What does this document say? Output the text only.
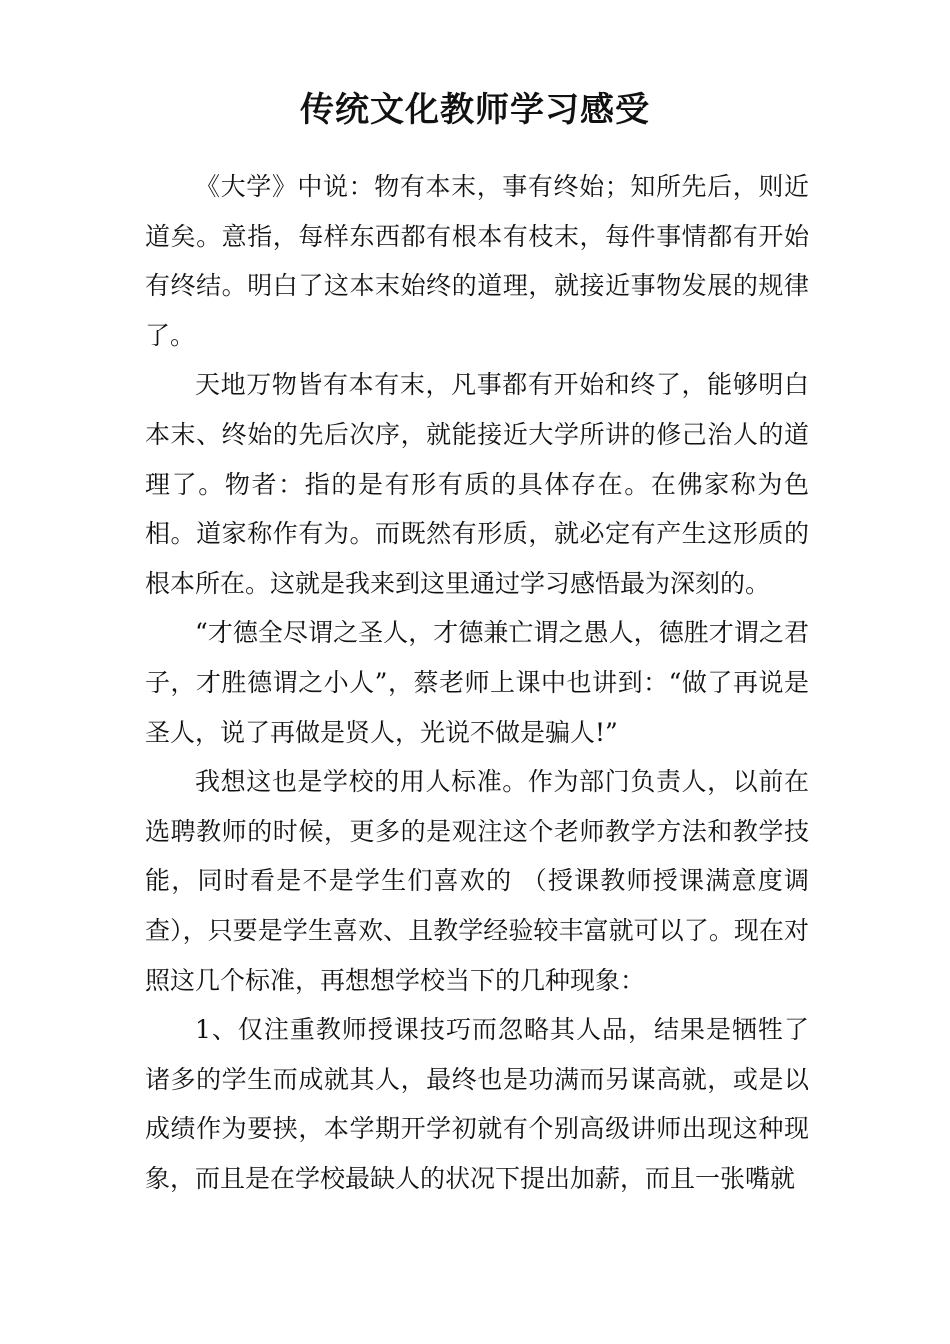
传统文化教师学习感受

《大学》中说：物有本末，事有终始；知所先后，则近道矣。意指，每样东西都有根本有枝末，每件事情都有开始有终结。明白了这本末始终的道理，就接近事物发展的规律了。

天地万物皆有本有末，凡事都有开始和终了，能够明白本末、终始的先后次序，就能接近大学所讲的修己治人的道理了。物者：指的是有形有质的具体存在。在佛家称为色相。道家称作有为。而既然有形质，就必定有产生这形质的根本所在。这就是我来到这里通过学习感悟最为深刻的。

“才德全尽谓之圣人，才德兼亡谓之愚人，德胜才谓之君子，才胜德谓之小人”，蔡老师上课中也讲到：“做了再说是圣人，说了再做是贤人，光说不做是骗人!”

我想这也是学校的用人标准。作为部门负责人，以前在选聘教师的时候，更多的是观注这个老师教学方法和教学技能，同时看是不是学生们喜欢的 （授课教师授课满意度调查），只要是学生喜欢、且教学经验较丰富就可以了。现在对照这几个标准，再想想学校当下的几种现象：

1、仅注重教师授课技巧而忽略其人品，结果是牺牲了诸多的学生而成就其人，最终也是功满而另谋高就，或是以成绩作为要挟，本学期开学初就有个别高级讲师出现这种现象，而且是在学校最缺人的状况下提出加薪，而且一张嘴就
